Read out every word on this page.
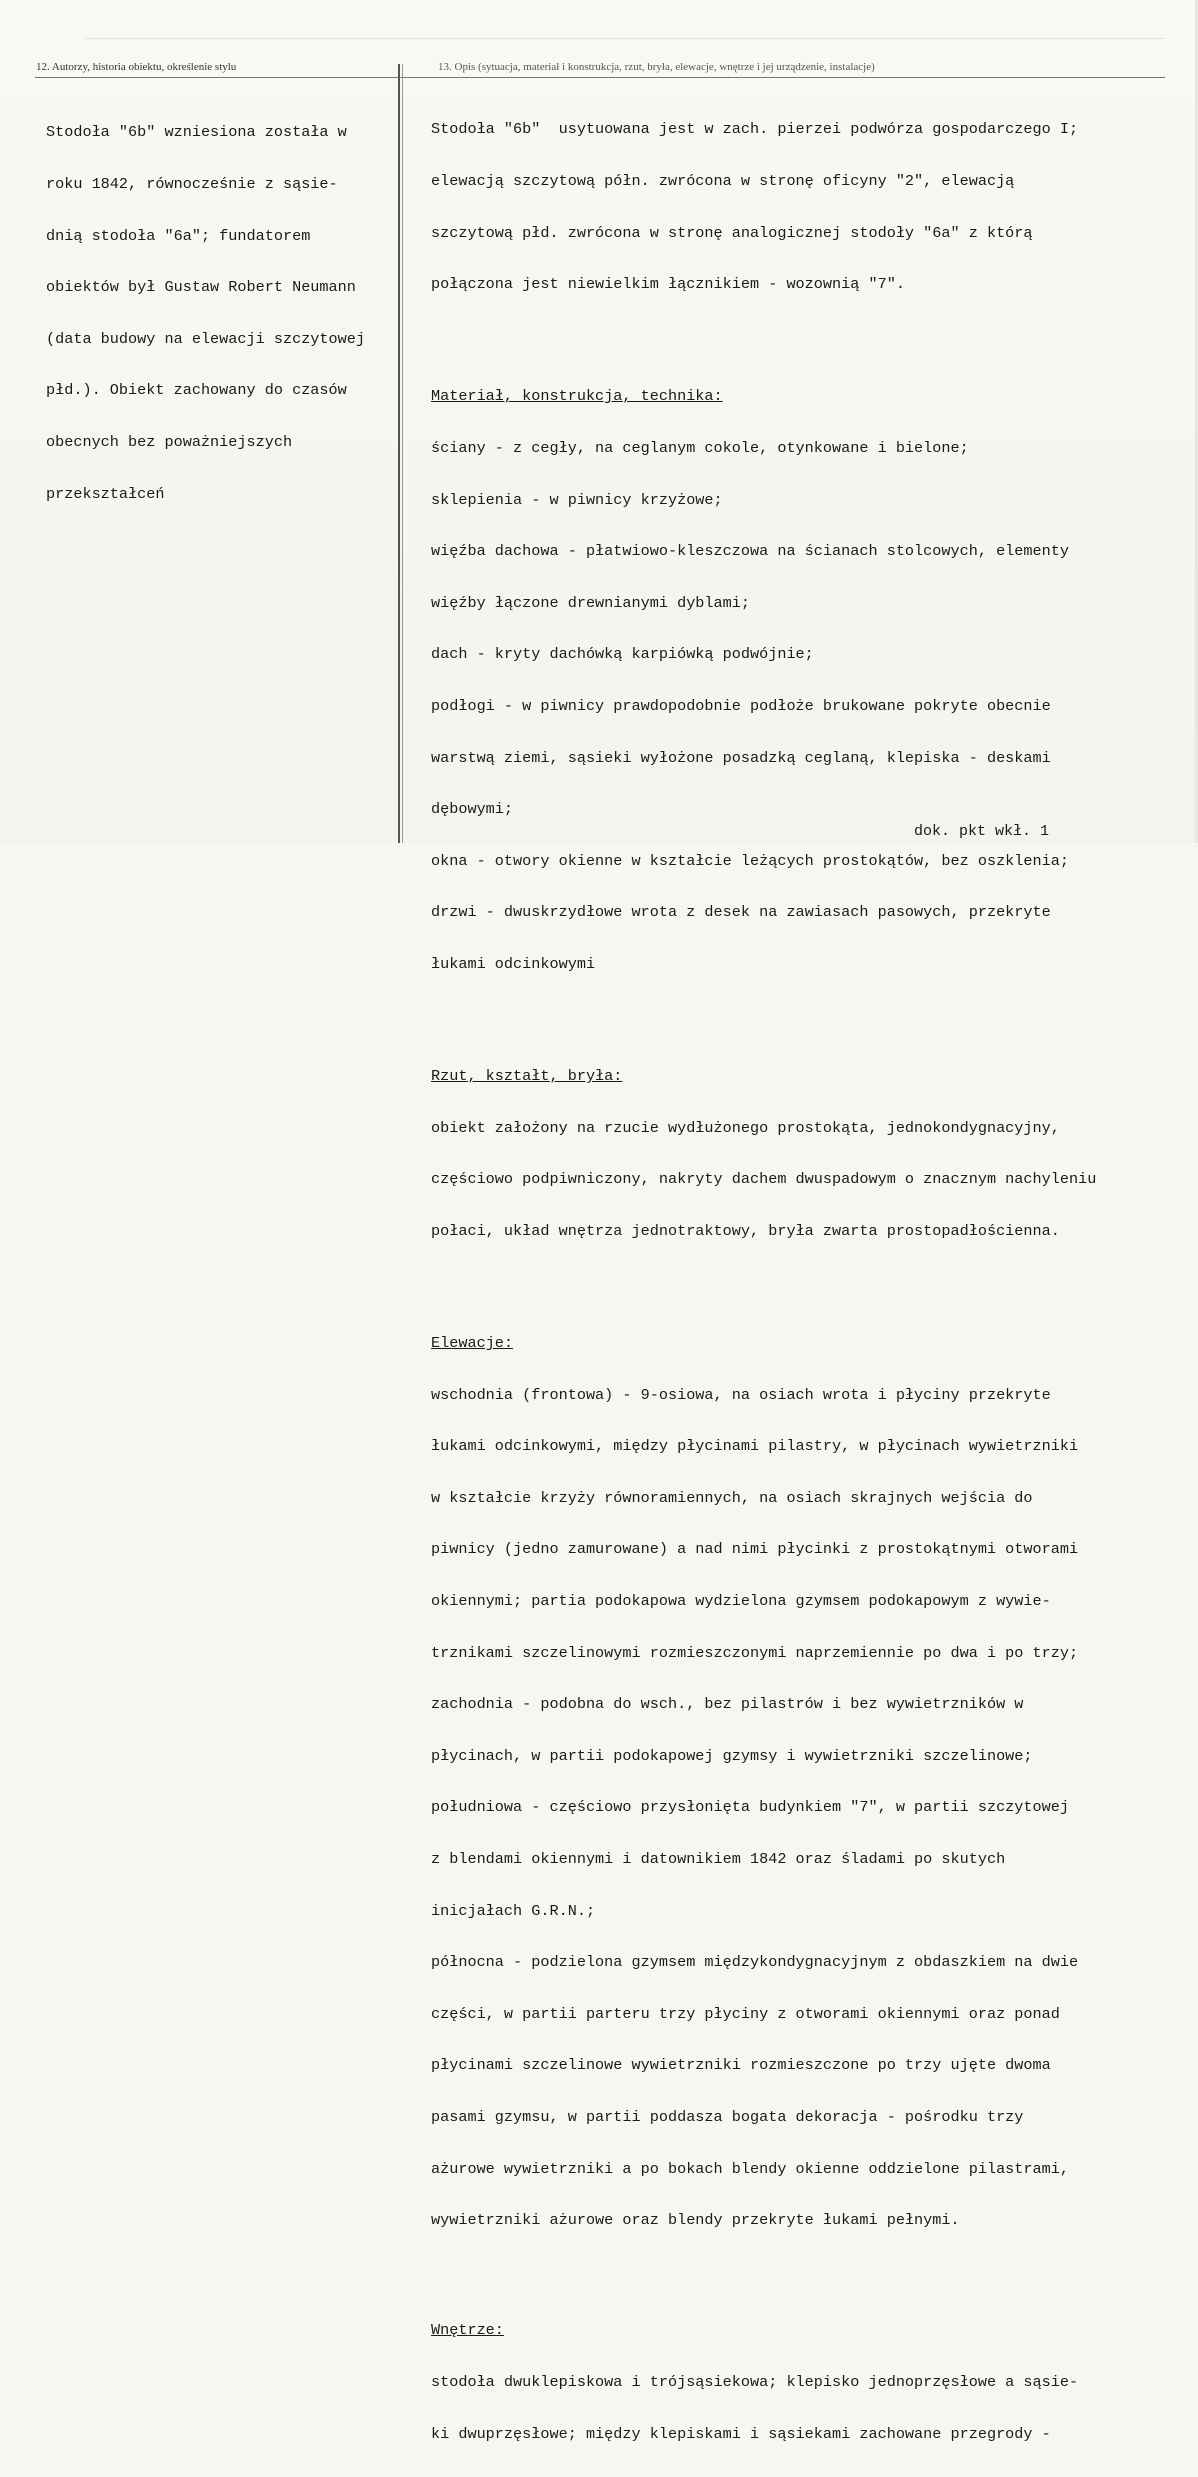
12. Autorzy, historia obiektu, określenie stylu	13. Opis (sytuacja, materiał i konstrukcja, rzut, bryła, elewacje, wnętrze i jej urządzenie, instalacje)

Stodoła "6b" wzniesiona została w

roku 1842, równocześnie z sąsie-

dnią stodoła "6a"; fundatorem

obiektów był Gustaw Robert Neumann

(data budowy na elewacji szczytowej

płd.). Obiekt zachowany do czasów

obecnych bez poważniejszych

przekształceń

Stodoła "6b"  usytuowana jest w zach. pierzei podwórza gospodarczego I;

elewacją szczytową półn. zwrócona w stronę oficyny "2", elewacją

szczytową płd. zwrócona w stronę analogicznej stodoły "6a" z którą

połączona jest niewielkim łącznikiem - wozownią "7".

Materiał, konstrukcja, technika:

ściany - z cegły, na ceglanym cokole, otynkowane i bielone;

sklepienia - w piwnicy krzyżowe;

więźba dachowa - płatwiowo-kleszczowa na ścianach stolcowych, elementy

więźby łączone drewnianymi dyblami;

dach - kryty dachówką karpiówką podwójnie;

podłogi - w piwnicy prawdopodobnie podłoże brukowane pokryte obecnie

warstwą ziemi, sąsieki wyłożone posadzką ceglaną, klepiska - deskami

dębowymi;

okna - otwory okienne w kształcie leżących prostokątów, bez oszklenia;

drzwi - dwuskrzydłowe wrota z desek na zawiasach pasowych, przekryte

łukami odcinkowymi

Rzut, kształt, bryła:

obiekt założony na rzucie wydłużonego prostokąta, jednokondygnacyjny,

częściowo podpiwniczony, nakryty dachem dwuspadowym o znacznym nachyleniu

połaci, układ wnętrza jednotraktowy, bryła zwarta prostopadłościenna.

Elewacje:

wschodnia (frontowa) - 9-osiowa, na osiach wrota i płyciny przekryte

łukami odcinkowymi, między płycinami pilastry, w płycinach wywietrzniki

w kształcie krzyży równoramiennych, na osiach skrajnych wejścia do

piwnicy (jedno zamurowane) a nad nimi płycinki z prostokątnymi otworami

okiennymi; partia podokapowa wydzielona gzymsem podokapowym z wywie-

trznikami szczelinowymi rozmieszczonymi naprzemiennie po dwa i po trzy;

zachodnia - podobna do wsch., bez pilastrów i bez wywietrzników w

płycinach, w partii podokapowej gzymsy i wywietrzniki szczelinowe;

południowa - częściowo przysłonięta budynkiem "7", w partii szczytowej

z blendami okiennymi i datownikiem 1842 oraz śladami po skutych

inicjałach G.R.N.;

północna - podzielona gzymsem międzykondygnacyjnym z obdaszkiem na dwie

części, w partii parteru trzy płyciny z otworami okiennymi oraz ponad

płycinami szczelinowe wywietrzniki rozmieszczone po trzy ujęte dwoma

pasami gzymsu, w partii poddasza bogata dekoracja - pośrodku trzy

ażurowe wywietrzniki a po bokach blendy okienne oddzielone pilastrami,

wywietrzniki ażurowe oraz blendy przekryte łukami pełnymi.

Wnętrze:

stodoła dwuklepiskowa i trójsąsiekowa; klepisko jednoprzęsłowe a sąsie-

ki dwuprzęsłowe; między klepiskami i sąsiekami zachowane przegrody -

dok. pkt wkł. 1
